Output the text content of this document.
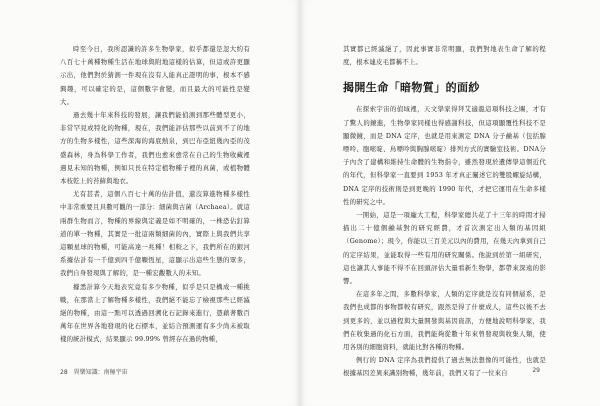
時至今日，我所認識的許多生物學家，似乎都還是忽大約有八百七十萬種物種生活在地球與附地這樣的估算，但這或許更顯示出，他們對於猜測一件現在沒有人能真正證明的事，根本不感興趣，可以確定的是，這個數字會變，而且最大的可能性是變大。

過去幾十年來科技的發展，讓我們能偵測到那些體型更小，非常罕見或特化的物種，現在，我們能評估那些以前到不了的地方的生物多樣性，這些深海的海底熱泉，到巴布亞紐幾內亞的茂盛森林，身為科學工作者，我們也愈來愈常在自己的生物收藏裡遇見未知的物種，例如只長在特定植物種子裡的真菌，或植物體本枝乾上的苔蘚與地衣。

尤有甚者，這個八百七十萬的估計值，還沒算進物種多樣性中非常重要且具數可觀的一部分：細菌與古菌（Archaea）。就這兩群生物而言，物種的界線與定義是如不明確的，一株恐佔釘算道的單一物種，其實是一批這兩類細菌的內，實際上與我們共享這顆星球的物種，可能高達一兆種！相較之下，我們所在的銀河系據估計有一千億到四千億顆恆星，這顯示出這些生態的眾多，我們自身發現與了解的，是一種宏觀數人的未知。

據悉計算今天地表究竟有多少物種，似乎是只是構成一種挑戰，在那當上了解物種多樣性，我們絕不能忘了檢視那些已經滅絕的物種，由這一點可以透過回溯化石記錄來進行，憑藉著數百萬年在世界各地發現的化石標本，並結合預測運有多少尚未被取樣的統計模式，結果顯示 99.99% 曾經存在過的物種，

28 異樂知識：南極宇宙

其實都已經滅絕了，因此事實非常明顯，我們對地表生命了解的程度，根本連皮毛都稱不上。

揭開生命「暗物質」的面紗

在探索宇宙的偵域裡，天文學家得拜艾適龍這項科技之賜，才有了驚人的鏡進，生物學家同樣也得感謝科技，但這項顯覆性科技不是顯微鏡，而是 DNA 定序，也就是用來測定 DNA 分子鹼基（包括腺嘌呤、胞嘧啶、鳥嘌呤與胸腺嘧啶）排列方式的實驗室技術。DNA分子內含了建構和維持生命體的生物指令，雖然發現於遺傳學這個近代的年代，但科學家一直要到 1953 年才真正闡述它的雙股螺旋結構，DNA 定序的技術則是到更晚的 1990 年代，才把它運用在生命多樣性的研究之中。

一開始，這是一項龐大工程，科學家總共花了十三年的時間才掃描出二十億個鹼基對的研究經費，才首次測定出人類的基因組（Genome）；現今，你能以三百美元以內的費用，在幾天內拿到自己的定序結果，並能取得一些有用的研究關係。他說到於第一組研究，這也讓其人事能不得不在回頭評估大量看新生物學，都帶來深遠的影響。

在這多年之間，多數科學家，人類的定序就是沒有同個層系，是我們也成都的事物都較有研究，跟然是得了什麼成人，這些以後不去到更多的，並以過程與大量開發與基因資訊，方便地說明科學家，我們在收集過的化石方面，我們能夠從數十年來曾發現與收集人類，使用各別的細胞資料，就能比對各種的物種。

例行的 DNA 定序為我們提供了過去無法想像的可能性，也就是根據基因差異來識別物種，幾年前，我們又有了一位來自	29
